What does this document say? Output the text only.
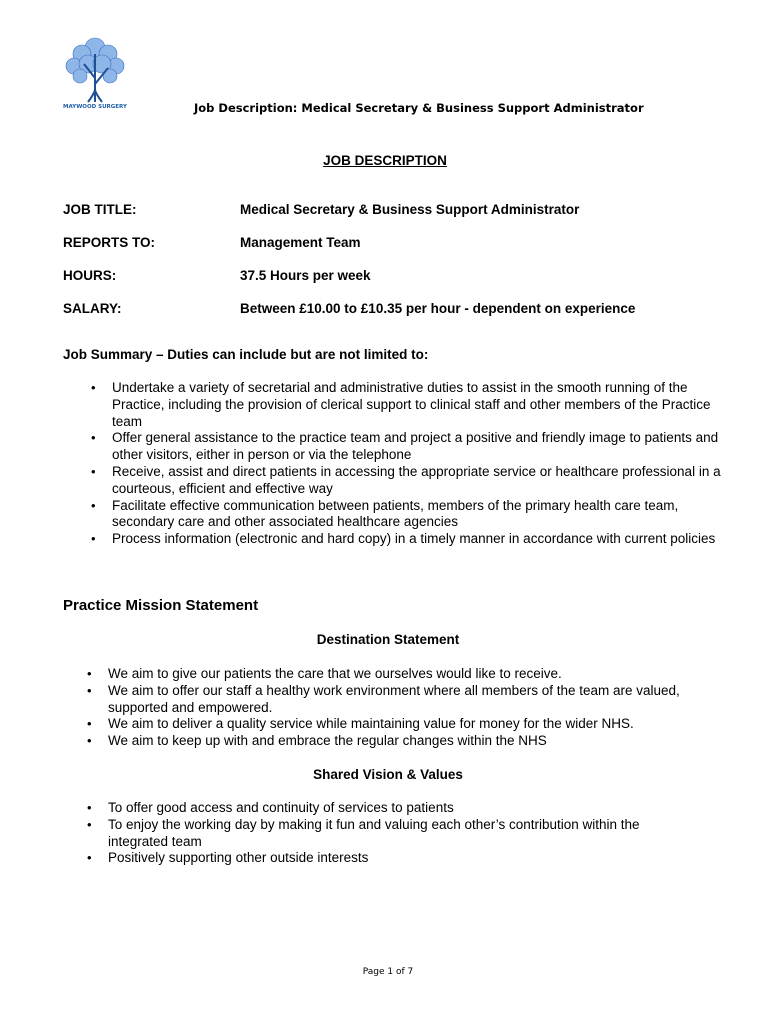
MAYWOOD SURGERY	Job Description: Medical Secretary & Business Support Administrator
JOB DESCRIPTION
JOB TITLE:	Medical Secretary & Business Support Administrator
REPORTS TO:	Management Team
HOURS:	37.5 Hours per week
SALARY:	Between £10.00 to £10.35 per hour - dependent on experience
Job Summary – Duties can include but are not limited to:
• Undertake a variety of secretarial and administrative duties to assist in the smooth running of the Practice, including the provision of clerical support to clinical staff and other members of the Practice team
• Offer general assistance to the practice team and project a positive and friendly image to patients and other visitors, either in person or via the telephone
• Receive, assist and direct patients in accessing the appropriate service or healthcare professional in a courteous, efficient and effective way
• Facilitate effective communication between patients, members of the primary health care team, secondary care and other associated healthcare agencies
• Process information (electronic and hard copy) in a timely manner in accordance with current policies
Practice Mission Statement
Destination Statement
• We aim to give our patients the care that we ourselves would like to receive.
• We aim to offer our staff a healthy work environment where all members of the team are valued, supported and empowered.
• We aim to deliver a quality service while maintaining value for money for the wider NHS.
• We aim to keep up with and embrace the regular changes within the NHS
Shared Vision & Values
• To offer good access and continuity of services to patients
• To enjoy the working day by making it fun and valuing each other’s contribution within the integrated team
• Positively supporting other outside interests
Page 1 of 7
